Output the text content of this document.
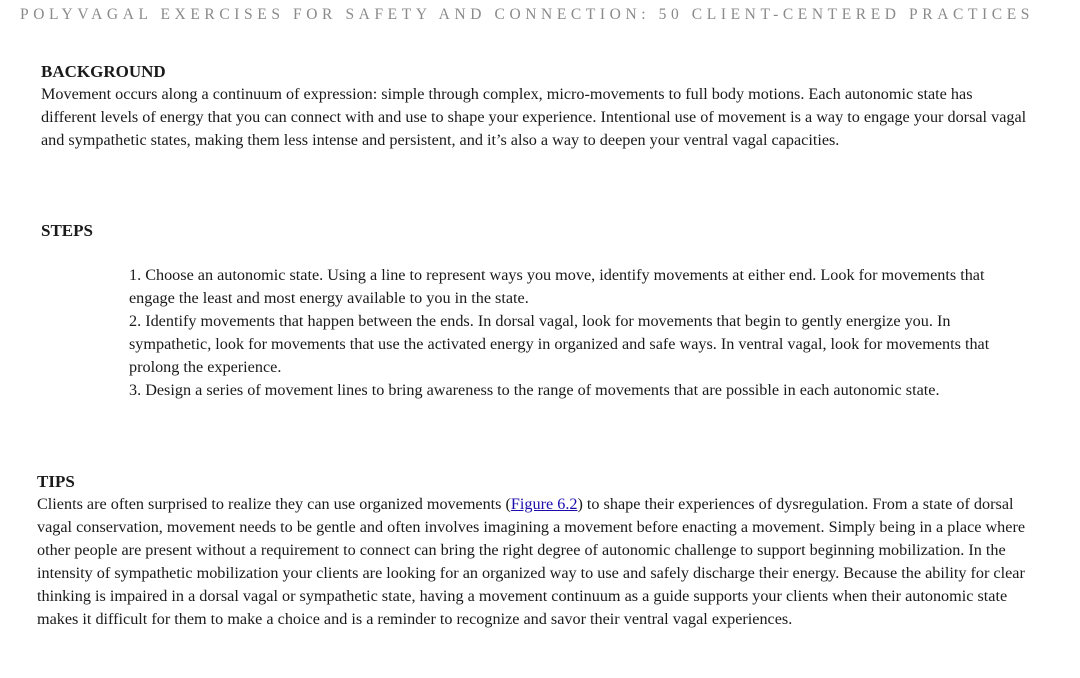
POLYVAGAL EXERCISES FOR SAFETY AND CONNECTION: 50 CLIENT-CENTERED PRACTICES
BACKGROUND

Movement occurs along a continuum of expression: simple through complex, micro-movements to full body motions. Each autonomic state has different levels of energy that you can connect with and use to shape your experience. Intentional use of movement is a way to engage your dorsal vagal and sympathetic states, making them less intense and persistent, and it’s also a way to deepen your ventral vagal capacities.

STEPS
1. Choose an autonomic state. Using a line to represent ways you move, identify movements at either end. Look for movements that engage the least and most energy available to you in the state.
2. Identify movements that happen between the ends. In dorsal vagal, look for movements that begin to gently energize you. In sympathetic, look for movements that use the activated energy in organized and safe ways. In ventral vagal, look for movements that prolong the experience.
3. Design a series of movement lines to bring awareness to the range of movements that are possible in each autonomic state.
TIPS

Clients are often surprised to realize they can use organized movements (Figure 6.2) to shape their experiences of dysregulation. From a state of dorsal vagal conservation, movement needs to be gentle and often involves imagining a movement before enacting a movement. Simply being in a place where other people are present without a requirement to connect can bring the right degree of autonomic challenge to support beginning mobilization. In the intensity of sympathetic mobilization your clients are looking for an organized way to use and safely discharge their energy. Because the ability for clear thinking is impaired in a dorsal vagal or sympathetic state, having a movement continuum as a guide supports your clients when their autonomic state makes it difficult for them to make a choice and is a reminder to recognize and savor their ventral vagal experiences.
